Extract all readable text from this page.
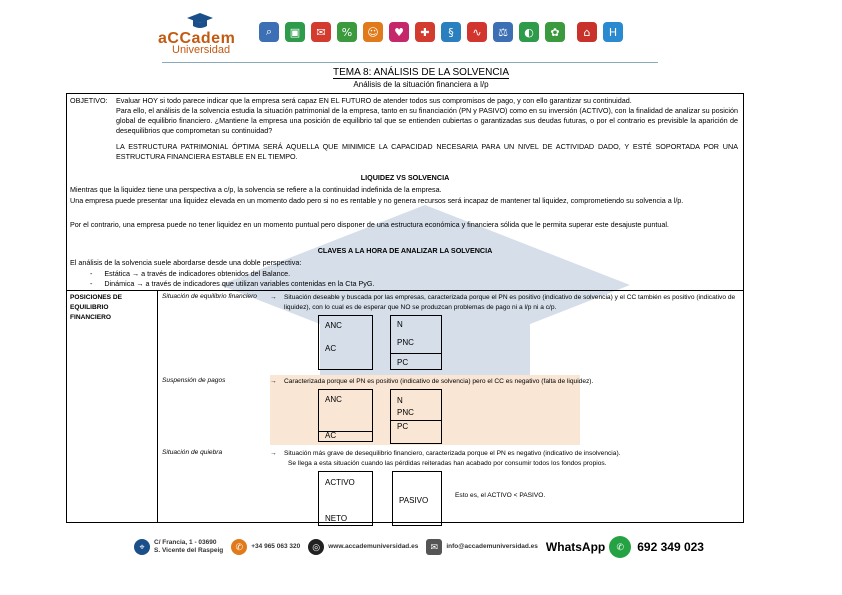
aCCadem
Universidad
⌕	▣	✉	%	☺	♥	✚	§	∿	⚖	◐	✿	⌂	H
TEMA 8: ANÁLISIS DE LA SOLVENCIA
Análisis de la situación financiera a l/p
OBJETIVO: Evaluar HOY si todo parece indicar que la empresa será capaz EN EL FUTURO de atender todos sus compromisos de pago, y con ello garantizar su continuidad.
Para ello, el análisis de la solvencia estudia la situación patrimonial de la empresa, tanto en su financiación (PN y PASIVO) como en su inversión (ACTIVO), con la finalidad de analizar su posición global de equilibrio financiero. ¿Mantiene la empresa una posición de equilibrio tal que se entienden cubiertas o garantizadas sus deudas futuras, o por el contrario es previsible la aparición de desequilibrios que comprometan su continuidad?
LA ESTRUCTURA PATRIMONIAL ÓPTIMA SERÁ AQUELLA QUE MINIMICE LA CAPACIDAD NECESARIA PARA UN NIVEL DE ACTIVIDAD DADO, Y ESTÉ SOPORTADA POR UNA ESTRUCTURA FINANCIERA ESTABLE EN EL TIEMPO.
LIQUIDEZ VS SOLVENCIA
Mientras que la liquidez tiene una perspectiva a c/p, la solvencia se refiere a la continuidad indefinida de la empresa.
Una empresa puede presentar una liquidez elevada en un momento dado pero si no es rentable y no genera recursos será incapaz de mantener tal liquidez, comprometiendo su solvencia a l/p.
Por el contrario, una empresa puede no tener liquidez en un momento puntual pero disponer de una estructura económica y financiera sólida que le permita superar este desajuste puntual.
CLAVES A LA HORA DE ANALIZAR LA SOLVENCIA
El análisis de la solvencia suele abordarse desde una doble perspectiva:
-      Estática → a través de indicadores obtenidos del Balance.
-      Dinámica → a través de indicadores que utilizan variables contenidas en la Cta PyG.
POSICIONES DE EQUILIBRIO FINANCIERO
Situación de equilibrio financiero → Situación deseable y buscada por las empresas, caracterizada porque el PN es positivo (indicativo de solvencia) y el CC también es positivo (indicativo de liquidez), con lo cual es de esperar que NO se produzcan problemas de pago ni a l/p ni a c/p.
ANC
AC
N
PNC
PC
Suspensión de pagos	→ Caracterizada porque el PN es positivo (indicativo de solvencia) pero el CC es negativo (falta de liquidez).
ANC
AC
N
PNC
PC
Situación de quiebra	→ Situación más grave de desequilibrio financiero, caracterizada porque el PN es negativo (indicativo de insolvencia).
Se llega a esta situación cuando las pérdidas reiteradas han acabado por consumir todos los fondos propios.
ACTIVO
NETO
PASIVO
Esto es, el ACTIVO < PASIVO.
⌖	C/ Francia, 1 - 03690
S. Vicente del Raspeig	✆	+34 965 063 320	◎	www.accademuniversidad.es	✉	info@accademuniversidad.es WhatsApp	✆	692 349 023
